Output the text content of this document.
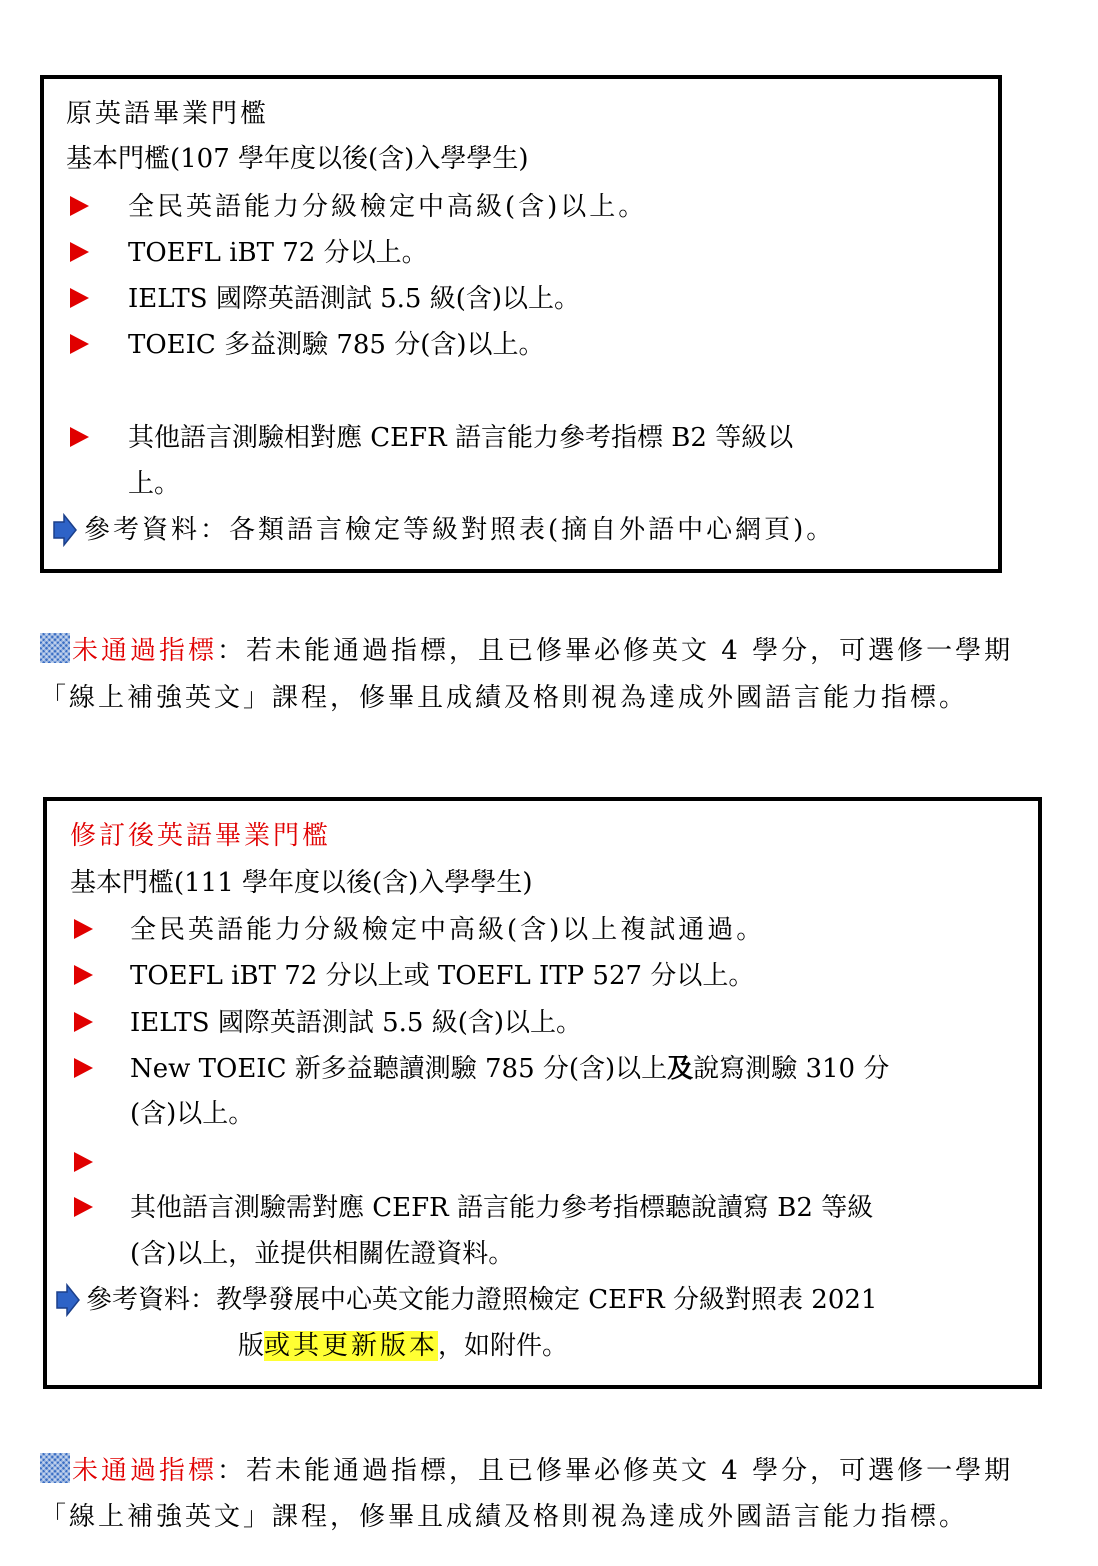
原英語畢業門檻
基本門檻(107 學年度以後(含)入學學生)
全民英語能力分級檢定中高級(含)以上。
TOEFL iBT 72 分以上。
IELTS 國際英語測試 5.5 級(含)以上。
TOEIC 多益測驗 785 分(含)以上。
其他語言測驗相對應 CEFR 語言能力參考指標 B2 等級以
上。
參考資料：各類語言檢定等級對照表(摘自外語中心網頁)。
未通過指標：若未能通過指標，且已修畢必修英文 4 學分，可選修一學期
「線上補強英文」課程，修畢且成績及格則視為達成外國語言能力指標。
修訂後英語畢業門檻
基本門檻(111 學年度以後(含)入學學生)
全民英語能力分級檢定中高級(含)以上複試通過。
TOEFL iBT 72 分以上或 TOEFL ITP 527 分以上。
IELTS 國際英語測試 5.5 級(含)以上。
New TOEIC 新多益聽讀測驗 785 分(含)以上及說寫測驗 310 分
(含)以上。
其他語言測驗需對應 CEFR 語言能力參考指標聽說讀寫 B2 等級
(含)以上，並提供相關佐證資料。
參考資料：教學發展中心英文能力證照檢定 CEFR 分級對照表 2021
版或其更新版本，如附件。
未通過指標：若未能通過指標，且已修畢必修英文 4 學分，可選修一學期
「線上補強英文」課程，修畢且成績及格則視為達成外國語言能力指標。
